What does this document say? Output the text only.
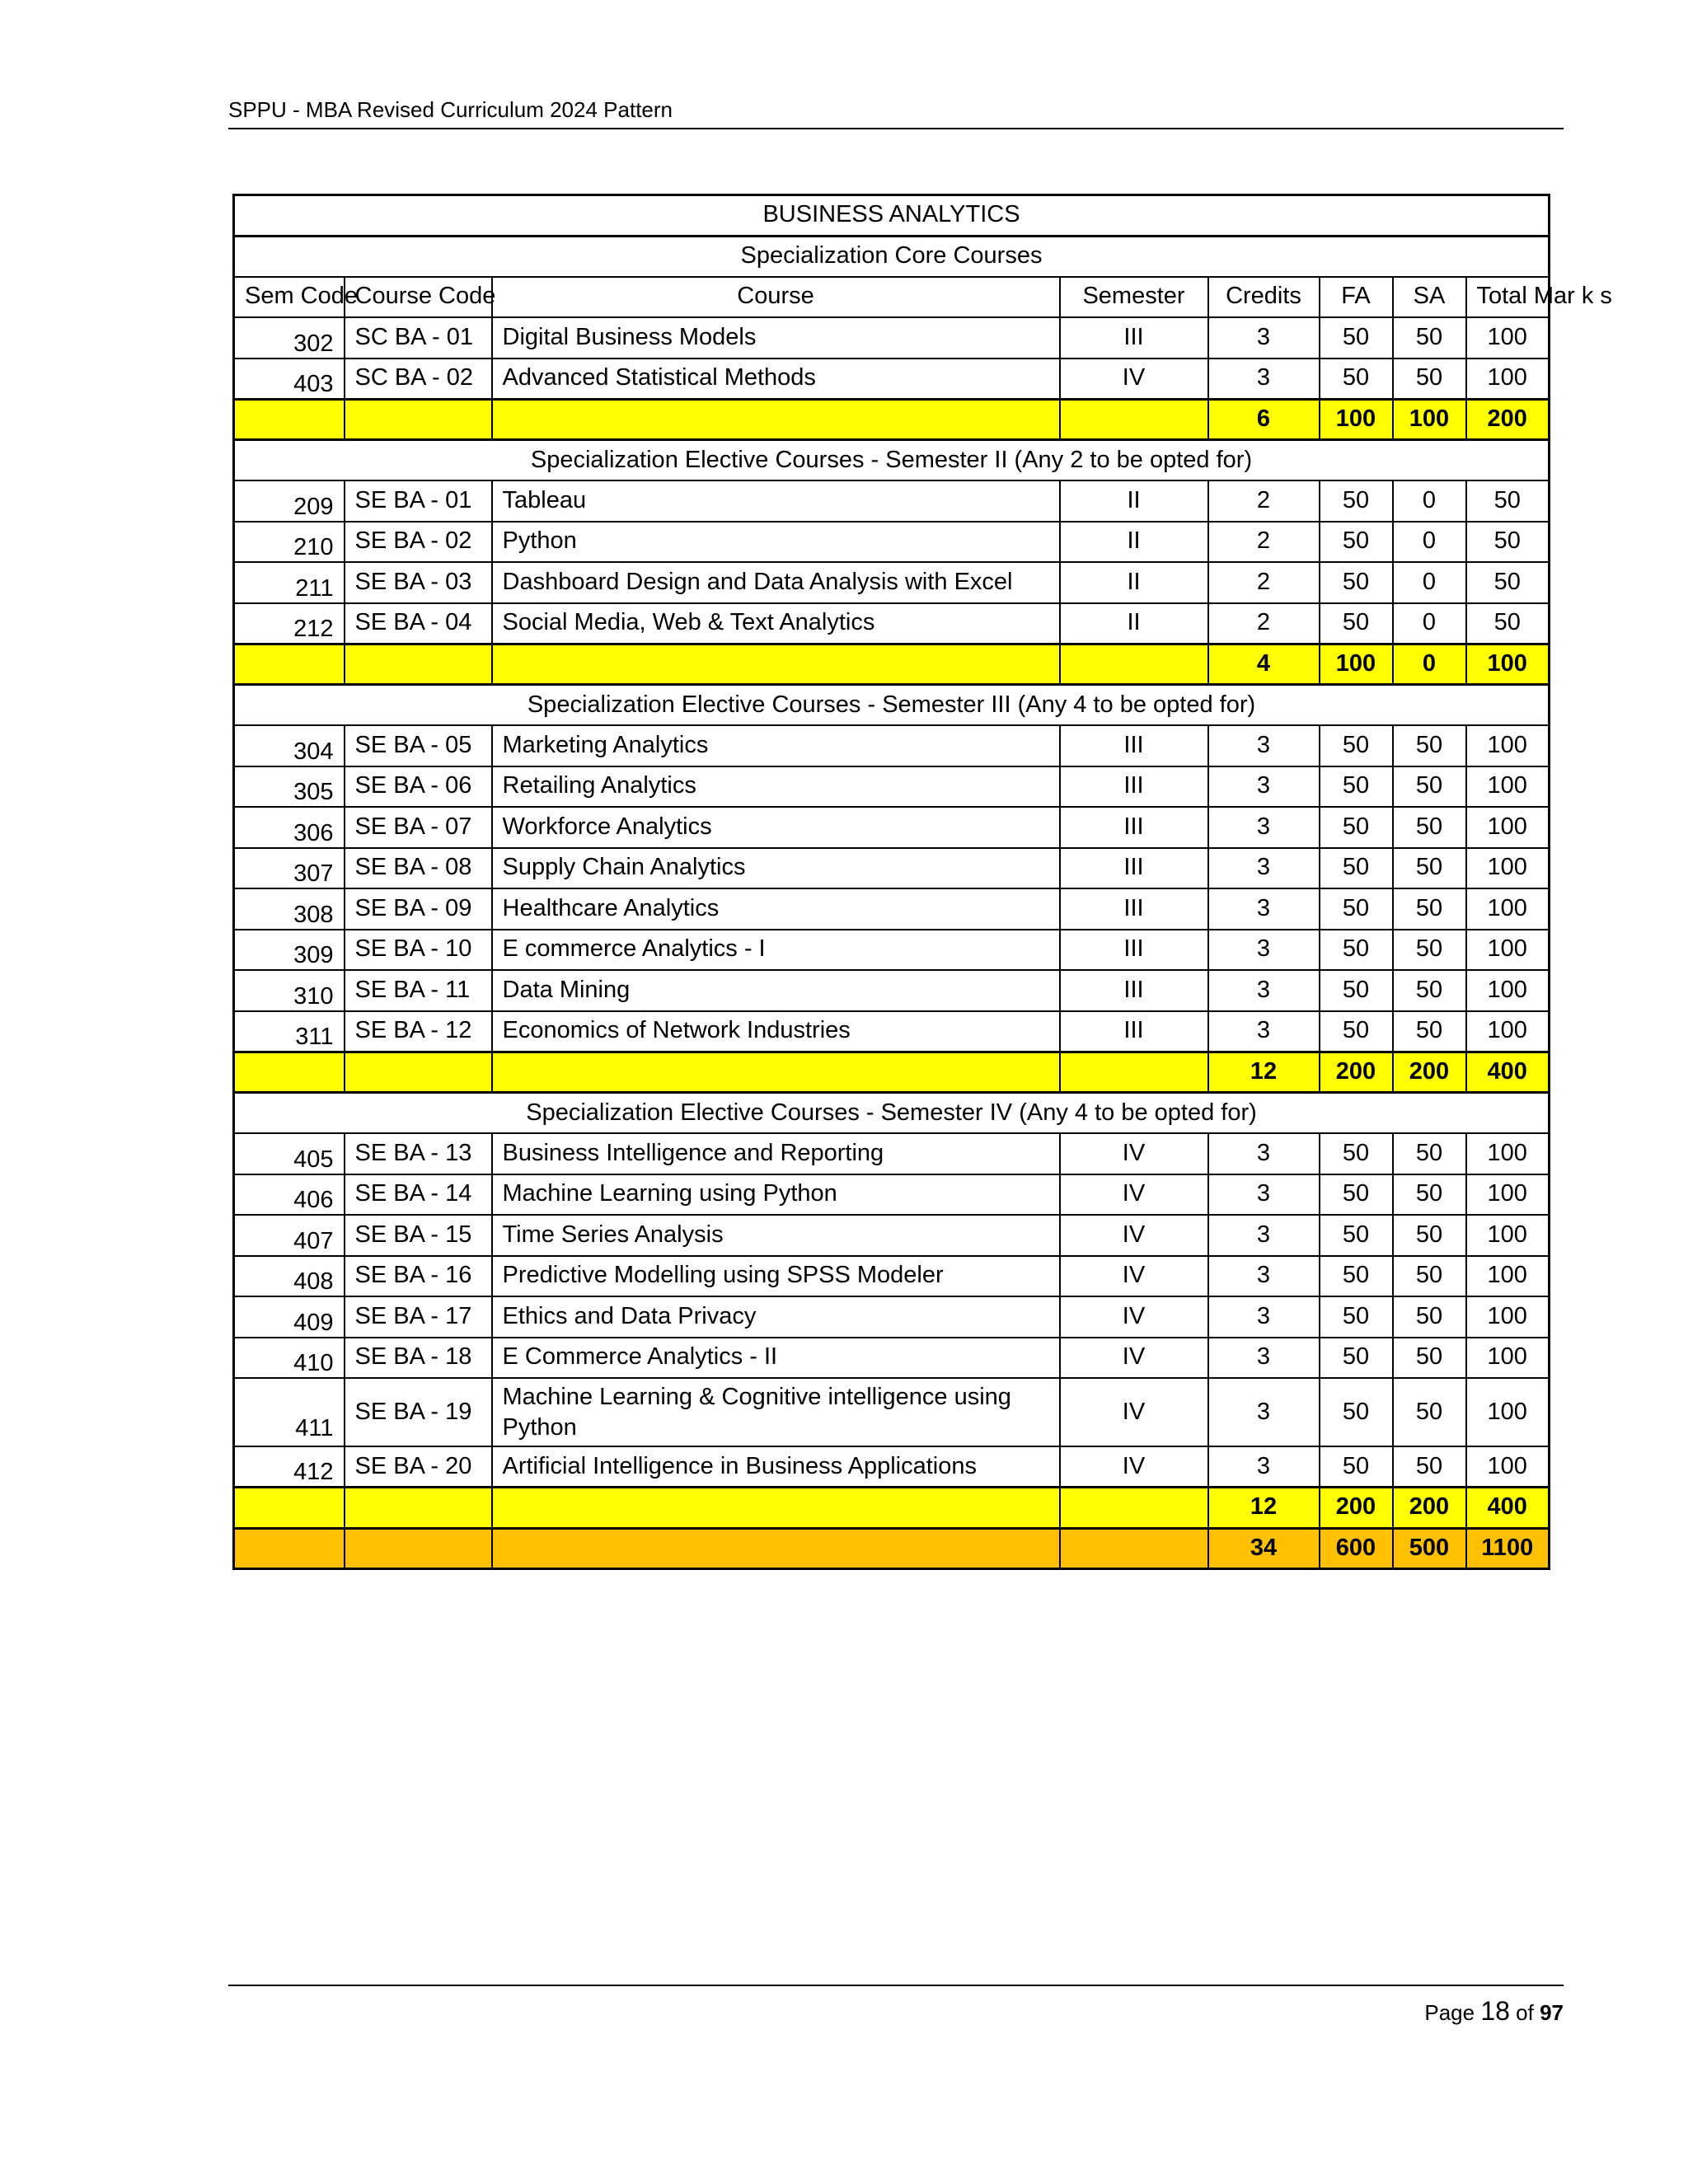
SPPU - MBA Revised Curriculum 2024 Pattern
BUSINESS ANALYTICS							
Specialization Core Courses							
Sem Code	Course Code	Course	Semester	Credits	FA	SA	Total Mar k s
302	SC BA - 01	Digital Business Models	III	3	50	50	100
403	SC BA - 02	Advanced Statistical Methods	IV	3	50	50	100
				6	100	100	200
Specialization Elective Courses - Semester II (Any 2 to be opted for)							
209	SE BA - 01	Tableau	II	2	50	0	50
210	SE BA - 02	Python	II	2	50	0	50
211	SE BA - 03	Dashboard Design and Data Analysis with Excel	II	2	50	0	50
212	SE BA - 04	Social Media, Web & Text Analytics	II	2	50	0	50
				4	100	0	100
Specialization Elective Courses - Semester III (Any 4 to be opted for)							
304	SE BA - 05	Marketing Analytics	III	3	50	50	100
305	SE BA - 06	Retailing Analytics	III	3	50	50	100
306	SE BA - 07	Workforce Analytics	III	3	50	50	100
307	SE BA - 08	Supply Chain Analytics	III	3	50	50	100
308	SE BA - 09	Healthcare Analytics	III	3	50	50	100
309	SE BA - 10	E commerce Analytics - I	III	3	50	50	100
310	SE BA - 11	Data Mining	III	3	50	50	100
311	SE BA - 12	Economics of Network Industries	III	3	50	50	100
				12	200	200	400
Specialization Elective Courses - Semester IV (Any 4 to be opted for)							
405	SE BA - 13	Business Intelligence and Reporting	IV	3	50	50	100
406	SE BA - 14	Machine Learning using Python	IV	3	50	50	100
407	SE BA - 15	Time Series Analysis	IV	3	50	50	100
408	SE BA - 16	Predictive Modelling using SPSS Modeler	IV	3	50	50	100
409	SE BA - 17	Ethics and Data Privacy	IV	3	50	50	100
410	SE BA - 18	E Commerce Analytics - II	IV	3	50	50	100
411	SE BA - 19	Machine Learning & Cognitive intelligence using Python	IV	3	50	50	100
412	SE BA - 20	Artificial Intelligence in Business Applications	IV	3	50	50	100
				12	200	200	400
				34	600	500	1100
Page 18 of 97
